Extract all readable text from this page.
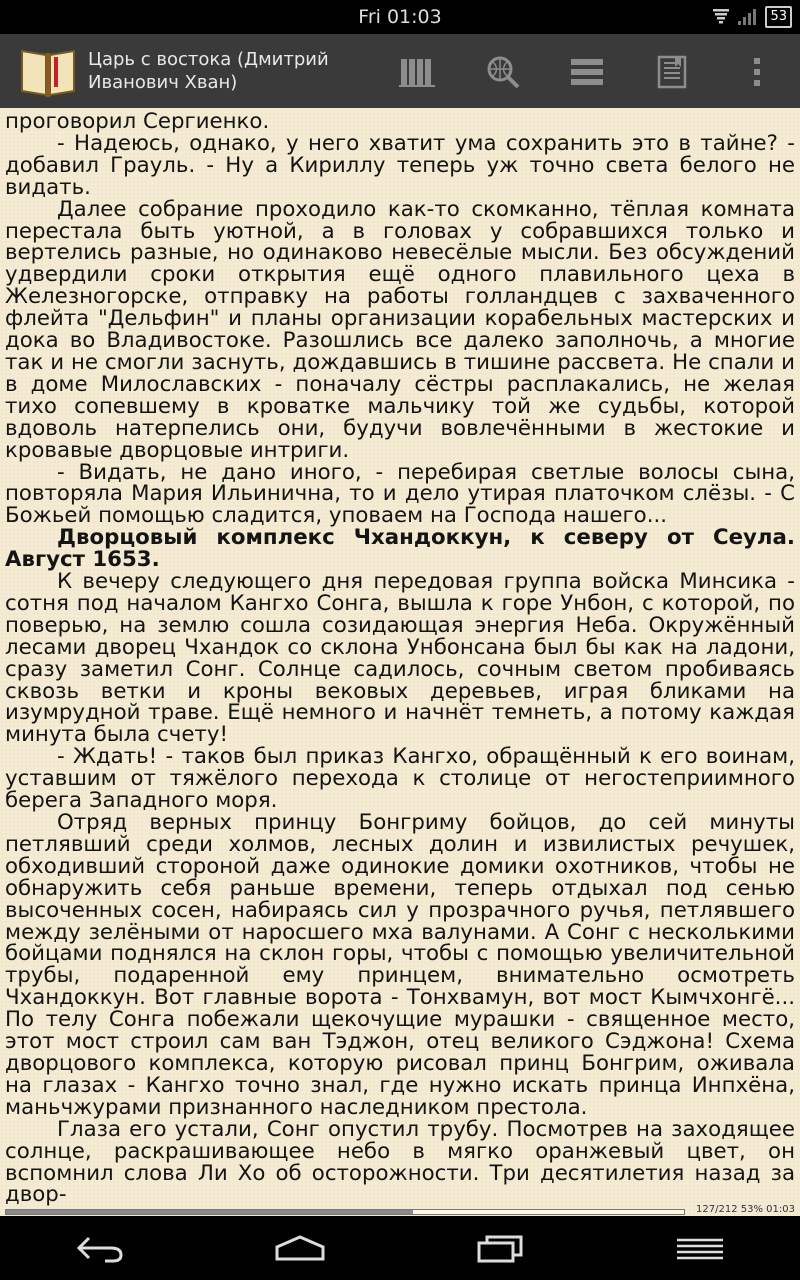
Fri 01:03	53
Царь с востока (Дмитрий
Иванович Хван)

проговорил Сергиенко.

- Надеюсь, однако, у него хватит ума сохранить это в тайне? - добавил Грауль. - Ну а Кириллу теперь уж точно света белого не видать.

Далее собрание проходило как-то скомканно, тёплая комната перестала быть уютной, а в головах у собравшихся только и вертелись разные, но одинаково невесёлые мысли. Без обсуждений удвердили сроки открытия ещё одного плавильного цеха в Железногорске, отправку на работы голландцев с захваченного флейта "Дельфин" и планы организации корабельных мастерских и дока во Владивостоке. Разошлись все далеко заполночь, а многие так и не смогли заснуть, дождавшись в тишине рассвета. Не спали и в доме Милославских - поначалу сёстры расплакались, не желая тихо сопевшему в кроватке мальчику той же судьбы, которой вдоволь натерпелись они, будучи вовлечёнными в жестокие и кровавые дворцовые интриги.

- Видать, не дано иного, - перебирая светлые волосы сына, повторяла Мария Ильинична, то и дело утирая платочком слёзы. - С Божьей помощью сладится, уповаем на Господа нашего...

Дворцовый комплекс Чхандоккун, к северу от Сеула. Август 1653.

К вечеру следующего дня передовая группа войска Минсика - сотня под началом Кангхо Сонга, вышла к горе Унбон, с которой, по поверью, на землю сошла созидающая энергия Неба. Окружённый лесами дворец Чхандок со склона Унбонсана был бы как на ладони, сразу заметил Сонг. Солнце садилось, сочным светом пробиваясь сквозь ветки и кроны вековых деревьев, играя бликами на изумрудной траве. Ещё немного и начнёт темнеть, а потому каждая минута была счету!

- Ждать! - таков был приказ Кангхо, обращённый к его воинам, уставшим от тяжёлого перехода к столице от негостеприимного берега Западного моря.

Отряд верных принцу Бонгриму бойцов, до сей минуты петлявший среди холмов, лесных долин и извилистых речушек, обходивший стороной даже одинокие домики охотников, чтобы не обнаружить себя раньше времени, теперь отдыхал под сенью высоченных сосен, набираясь сил у прозрачного ручья, петлявшего между зелёными от наросшего мха валунами. А Сонг с несколькими бойцами поднялся на склон горы, чтобы с помощью увеличительной трубы, подаренной ему принцем, внимательно осмотреть Чхандоккун. Вот главные ворота - Тонхвамун, вот мост Кымчхонгё... По телу Сонга побежали щекочущие мурашки - священное место, этот мост строил сам ван Тэджон, отец великого Сэджона! Схема дворцового комплекса, которую рисовал принц Бонгрим, оживала на глазах - Кангхо точно знал, где нужно искать принца Инпхёна, маньчжурами признанного наследником престола.

Глаза его устали, Сонг опустил трубу. Посмотрев на заходящее солнце, раскрашивающее небо в мягко оранжевый цвет, он вспомнил слова Ли Хо об осторожности. Три десятилетия назад за двор-

127/212 53% 01:03
